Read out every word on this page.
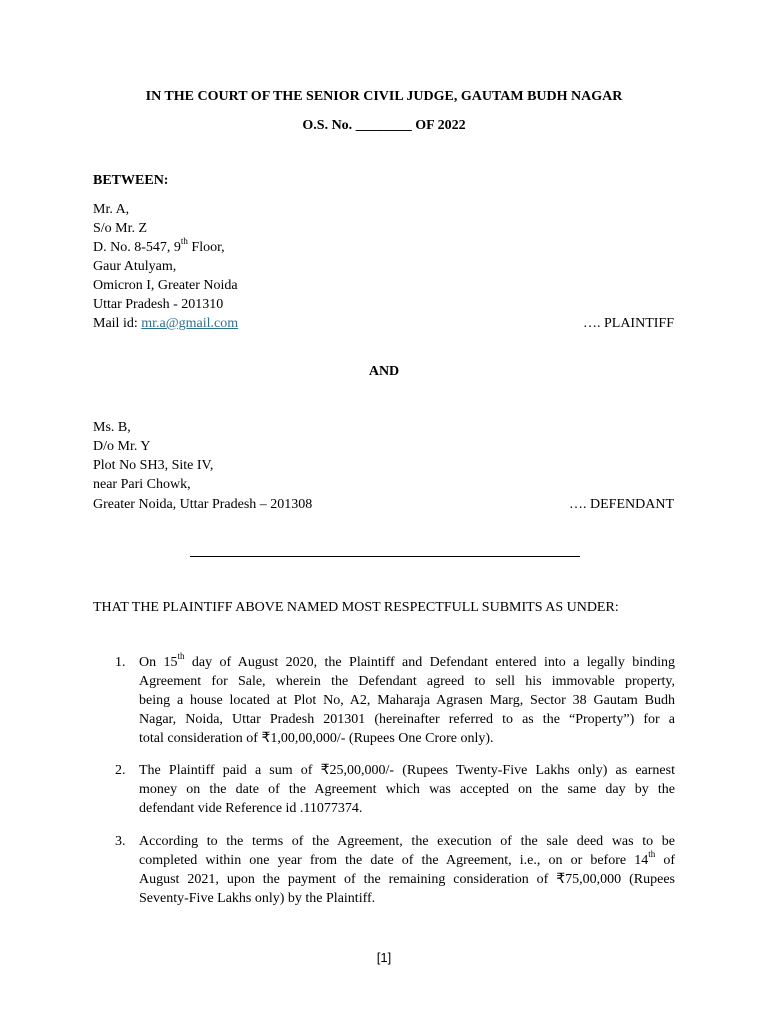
IN THE COURT OF THE SENIOR CIVIL JUDGE, GAUTAM BUDH NAGAR
O.S. No. ________ OF 2022
BETWEEN:
Mr. A,
S/o Mr. Z
D. No. 8-547, 9th Floor,
Gaur Atulyam,
Omicron I, Greater Noida
Uttar Pradesh - 201310
Mail id: mr.a@gmail.com	…. PLAINTIFF
AND
Ms. B,
D/o Mr. Y
Plot No SH3, Site IV,
near Pari Chowk,
Greater Noida, Uttar Pradesh – 201308	…. DEFENDANT
THAT THE PLAINTIFF ABOVE NAMED MOST RESPECTFULL SUBMITS AS UNDER:
1. On 15th day of August 2020, the Plaintiff and Defendant entered into a legally binding
Agreement for Sale, wherein the Defendant agreed to sell his immovable property,
being a house located at Plot No, A2, Maharaja Agrasen Marg, Sector 38 Gautam Budh
Nagar, Noida, Uttar Pradesh 201301 (hereinafter referred to as the “Property”) for a
total consideration of ₹1,00,00,000/- (Rupees One Crore only).
2. The Plaintiff paid a sum of ₹25,00,000/- (Rupees Twenty-Five Lakhs only) as earnest
money on the date of the Agreement which was accepted on the same day by the
defendant vide Reference id .11077374.
3. According to the terms of the Agreement, the execution of the sale deed was to be
completed within one year from the date of the Agreement, i.e., on or before 14th of
August 2021, upon the payment of the remaining consideration of ₹75,00,000 (Rupees
Seventy-Five Lakhs only) by the Plaintiff.
[1]
